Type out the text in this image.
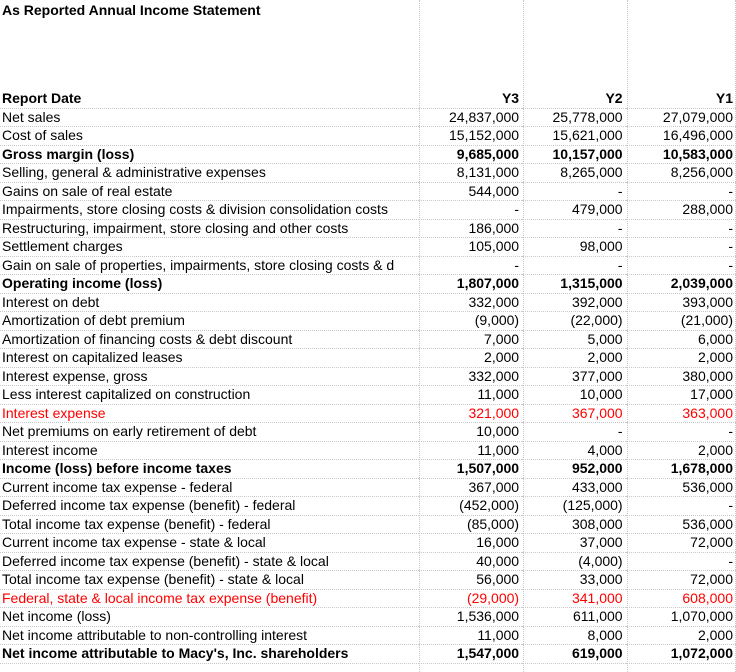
As Reported Annual Income Statement
Report Date	Y3	Y2	Y1
Net sales	24,837,000	25,778,000	27,079,000
Cost of sales	15,152,000	15,621,000	16,496,000
Gross margin (loss)	9,685,000	10,157,000	10,583,000
Selling, general & administrative expenses	8,131,000	8,265,000	8,256,000
Gains on sale of real estate	544,000	-	-
Impairments, store closing costs & division consolidation costs	-	479,000	288,000
Restructuring, impairment, store closing and other costs	186,000	-	-
Settlement charges	105,000	98,000	-
Gain on sale of properties, impairments, store closing costs & d	-	-	-
Operating income (loss)	1,807,000	1,315,000	2,039,000
Interest on debt	332,000	392,000	393,000
Amortization of debt premium	(9,000)	(22,000)	(21,000)
Amortization of financing costs & debt discount	7,000	5,000	6,000
Interest on capitalized leases	2,000	2,000	2,000
Interest expense, gross	332,000	377,000	380,000
Less interest capitalized on construction	11,000	10,000	17,000
Interest expense	321,000	367,000	363,000
Net premiums on early retirement of debt	10,000	-	-
Interest income	11,000	4,000	2,000
Income (loss) before income taxes	1,507,000	952,000	1,678,000
Current income tax expense - federal	367,000	433,000	536,000
Deferred income tax expense (benefit) - federal	(452,000)	(125,000)	-
Total income tax expense (benefit) - federal	(85,000)	308,000	536,000
Current income tax expense - state & local	16,000	37,000	72,000
Deferred income tax expense (benefit) - state & local	40,000	(4,000)	-
Total income tax expense (benefit) - state & local	56,000	33,000	72,000
Federal, state & local income tax expense (benefit)	(29,000)	341,000	608,000
Net income (loss)	1,536,000	611,000	1,070,000
Net income attributable to non-controlling interest	11,000	8,000	2,000
Net income attributable to Macy's, Inc. shareholders	1,547,000	619,000	1,072,000
